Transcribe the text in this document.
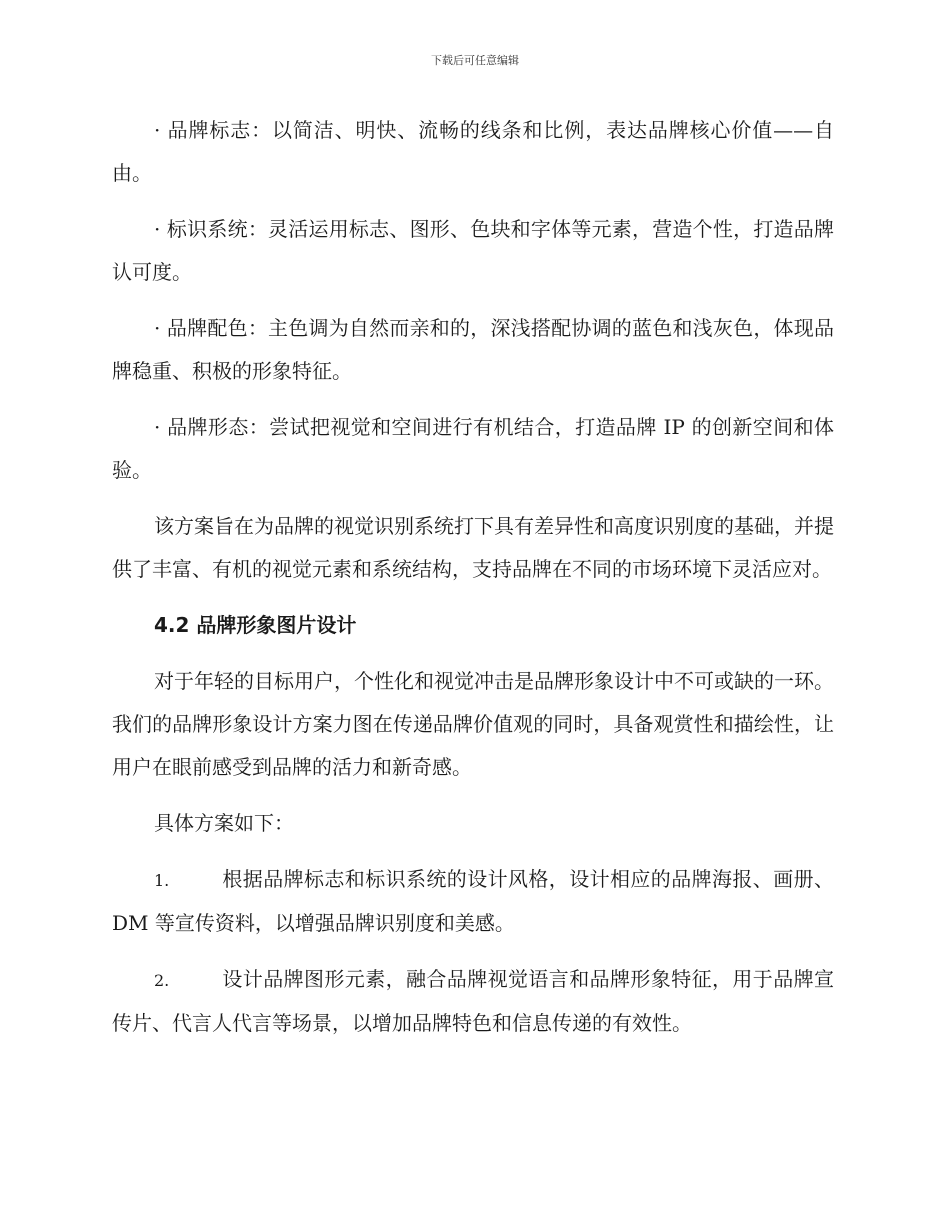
下载后可任意编辑

· 品牌标志：以简洁、明快、流畅的线条和比例，表达品牌核心价值——自由。

· 标识系统：灵活运用标志、图形、色块和字体等元素，营造个性，打造品牌认可度。

· 品牌配色：主色调为自然而亲和的，深浅搭配协调的蓝色和浅灰色，体现品牌稳重、积极的形象特征。

· 品牌形态：尝试把视觉和空间进行有机结合，打造品牌 IP 的创新空间和体验。

该方案旨在为品牌的视觉识别系统打下具有差异性和高度识别度的基础，并提供了丰富、有机的视觉元素和系统结构，支持品牌在不同的市场环境下灵活应对。

4.2 品牌形象图片设计

对于年轻的目标用户，个性化和视觉冲击是品牌形象设计中不可或缺的一环。我们的品牌形象设计方案力图在传递品牌价值观的同时，具备观赏性和描绘性，让用户在眼前感受到品牌的活力和新奇感。

具体方案如下：

1.	根据品牌标志和标识系统的设计风格，设计相应的品牌海报、画册、DM 等宣传资料，以增强品牌识别度和美感。

2.	设计品牌图形元素，融合品牌视觉语言和品牌形象特征，用于品牌宣传片、代言人代言等场景，以增加品牌特色和信息传递的有效性。
